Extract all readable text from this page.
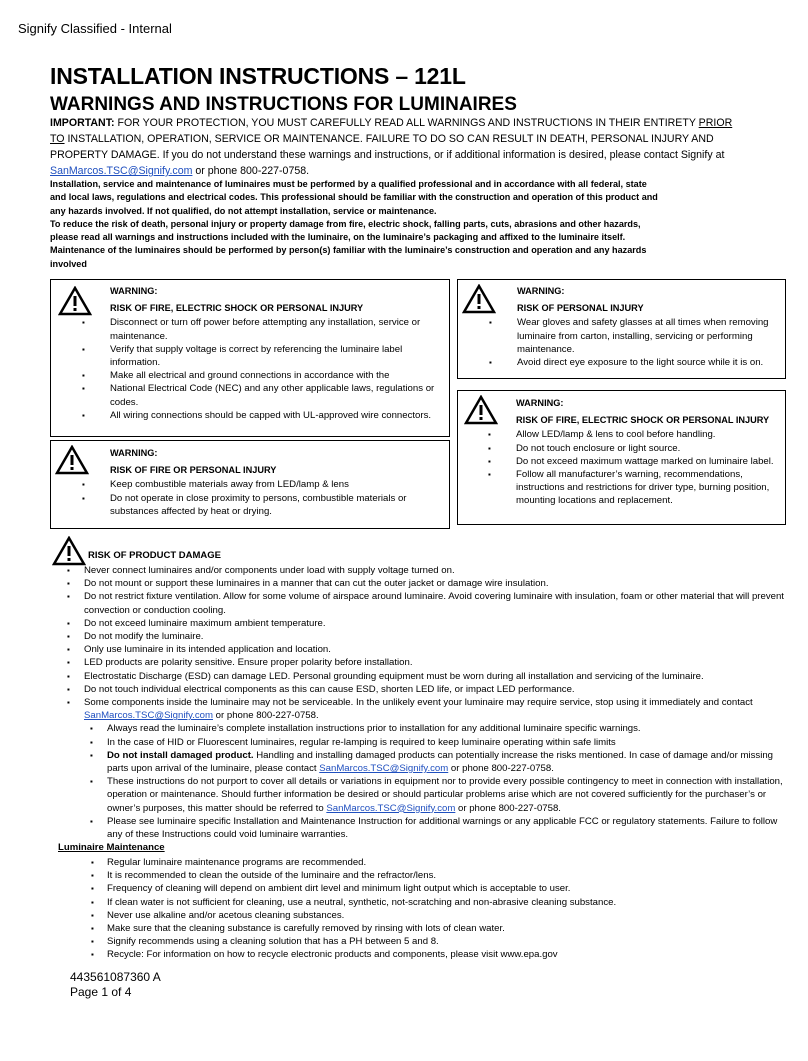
Signify Classified - Internal
INSTALLATION INSTRUCTIONS – 121L
WARNINGS AND INSTRUCTIONS FOR LUMINAIRES
IMPORTANT: FOR YOUR PROTECTION, YOU MUST CAREFULLY READ ALL WARNINGS AND INSTRUCTIONS IN THEIR ENTIRETY PRIOR TO INSTALLATION, OPERATION, SERVICE OR MAINTENANCE. FAILURE TO DO SO CAN RESULT IN DEATH, PERSONAL INJURY AND PROPERTY DAMAGE. If you do not understand these warnings and instructions, or if additional information is desired, please contact Signify at SanMarcos.TSC@Signify.com or phone 800-227-0758.
Installation, service and maintenance of luminaires must be performed by a qualified professional and in accordance with all federal, state and local laws, regulations and electrical codes. This professional should be familiar with the construction and operation of this product and any hazards involved. If not qualified, do not attempt installation, service or maintenance.
To reduce the risk of death, personal injury or property damage from fire, electric shock, falling parts, cuts, abrasions and other hazards, please read all warnings and instructions included with the luminaire, on the luminaire’s packaging and affixed to the luminaire itself.
Maintenance of the luminaires should be performed by person(s) familiar with the luminaire’s construction and operation and any hazards involved
WARNING:
RISK OF FIRE, ELECTRIC SHOCK OR PERSONAL INJURY
▪ Disconnect or turn off power before attempting any installation, service or maintenance.
▪ Verify that supply voltage is correct by referencing the luminaire label information.
▪ Make all electrical and ground connections in accordance with the
▪ National Electrical Code (NEC) and any other applicable laws, regulations or codes.
▪ All wiring connections should be capped with UL-approved wire connectors.
WARNING:
RISK OF FIRE OR PERSONAL INJURY
▪ Keep combustible materials away from LED/lamp & lens
▪ Do not operate in close proximity to persons, combustible materials or substances affected by heat or drying.
WARNING:
RISK OF PERSONAL INJURY
▪ Wear gloves and safety glasses at all times when removing luminaire from carton, installing, servicing or performing maintenance.
▪ Avoid direct eye exposure to the light source while it is on.
WARNING:
RISK OF FIRE, ELECTRIC SHOCK OR PERSONAL INJURY
▪ Allow LED/lamp & lens to cool before handling.
▪ Do not touch enclosure or light source.
▪ Do not exceed maximum wattage marked on luminaire label.
▪ Follow all manufacturer’s warning, recommendations, instructions and restrictions for driver type, burning position, mounting locations and replacement.
RISK OF PRODUCT DAMAGE
▪ Never connect luminaires and/or components under load with supply voltage turned on.
▪ Do not mount or support these luminaires in a manner that can cut the outer jacket or damage wire insulation.
▪ Do not restrict fixture ventilation. Allow for some volume of airspace around luminaire. Avoid covering luminaire with insulation, foam or other material that will prevent convection or conduction cooling.
▪ Do not exceed luminaire maximum ambient temperature.
▪ Do not modify the luminaire.
▪ Only use luminaire in its intended application and location.
▪ LED products are polarity sensitive. Ensure proper polarity before installation.
▪ Electrostatic Discharge (ESD) can damage LED. Personal grounding equipment must be worn during all installation and servicing of the luminaire.
▪ Do not touch individual electrical components as this can cause ESD, shorten LED life, or impact LED performance.
▪ Some components inside the luminaire may not be serviceable. In the unlikely event your luminaire may require service, stop using it immediately and contact SanMarcos.TSC@Signify.com or phone 800-227-0758.
▪ Always read the luminaire’s complete installation instructions prior to installation for any additional luminaire specific warnings.
▪ In the case of HID or Fluorescent luminaires, regular re-lamping is required to keep luminaire operating within safe limits
▪ Do not install damaged product. Handling and installing damaged products can potentially increase the risks mentioned. In case of damage and/or missing parts upon arrival of the luminaire, please contact SanMarcos.TSC@Signify.com or phone 800-227-0758.
▪ These instructions do not purport to cover all details or variations in equipment nor to provide every possible contingency to meet in connection with installation, operation or maintenance. Should further information be desired or should particular problems arise which are not covered sufficiently for the purchaser’s or owner’s purposes, this matter should be referred to SanMarcos.TSC@Signify.com or phone 800-227-0758.
▪ Please see luminaire specific Installation and Maintenance Instruction for additional warnings or any applicable FCC or regulatory statements. Failure to follow any of these Instructions could void luminaire warranties.
Luminaire Maintenance
▪ Regular luminaire maintenance programs are recommended.
▪ It is recommended to clean the outside of the luminaire and the refractor/lens.
▪ Frequency of cleaning will depend on ambient dirt level and minimum light output which is acceptable to user.
▪ If clean water is not sufficient for cleaning, use a neutral, synthetic, not-scratching and non-abrasive cleaning substance.
▪ Never use alkaline and/or acetous cleaning substances.
▪ Make sure that the cleaning substance is carefully removed by rinsing with lots of clean water.
▪ Signify recommends using a cleaning solution that has a PH between 5 and 8.
▪ Recycle: For information on how to recycle electronic products and components, please visit www.epa.gov
443561087360 A
Page 1 of 4
